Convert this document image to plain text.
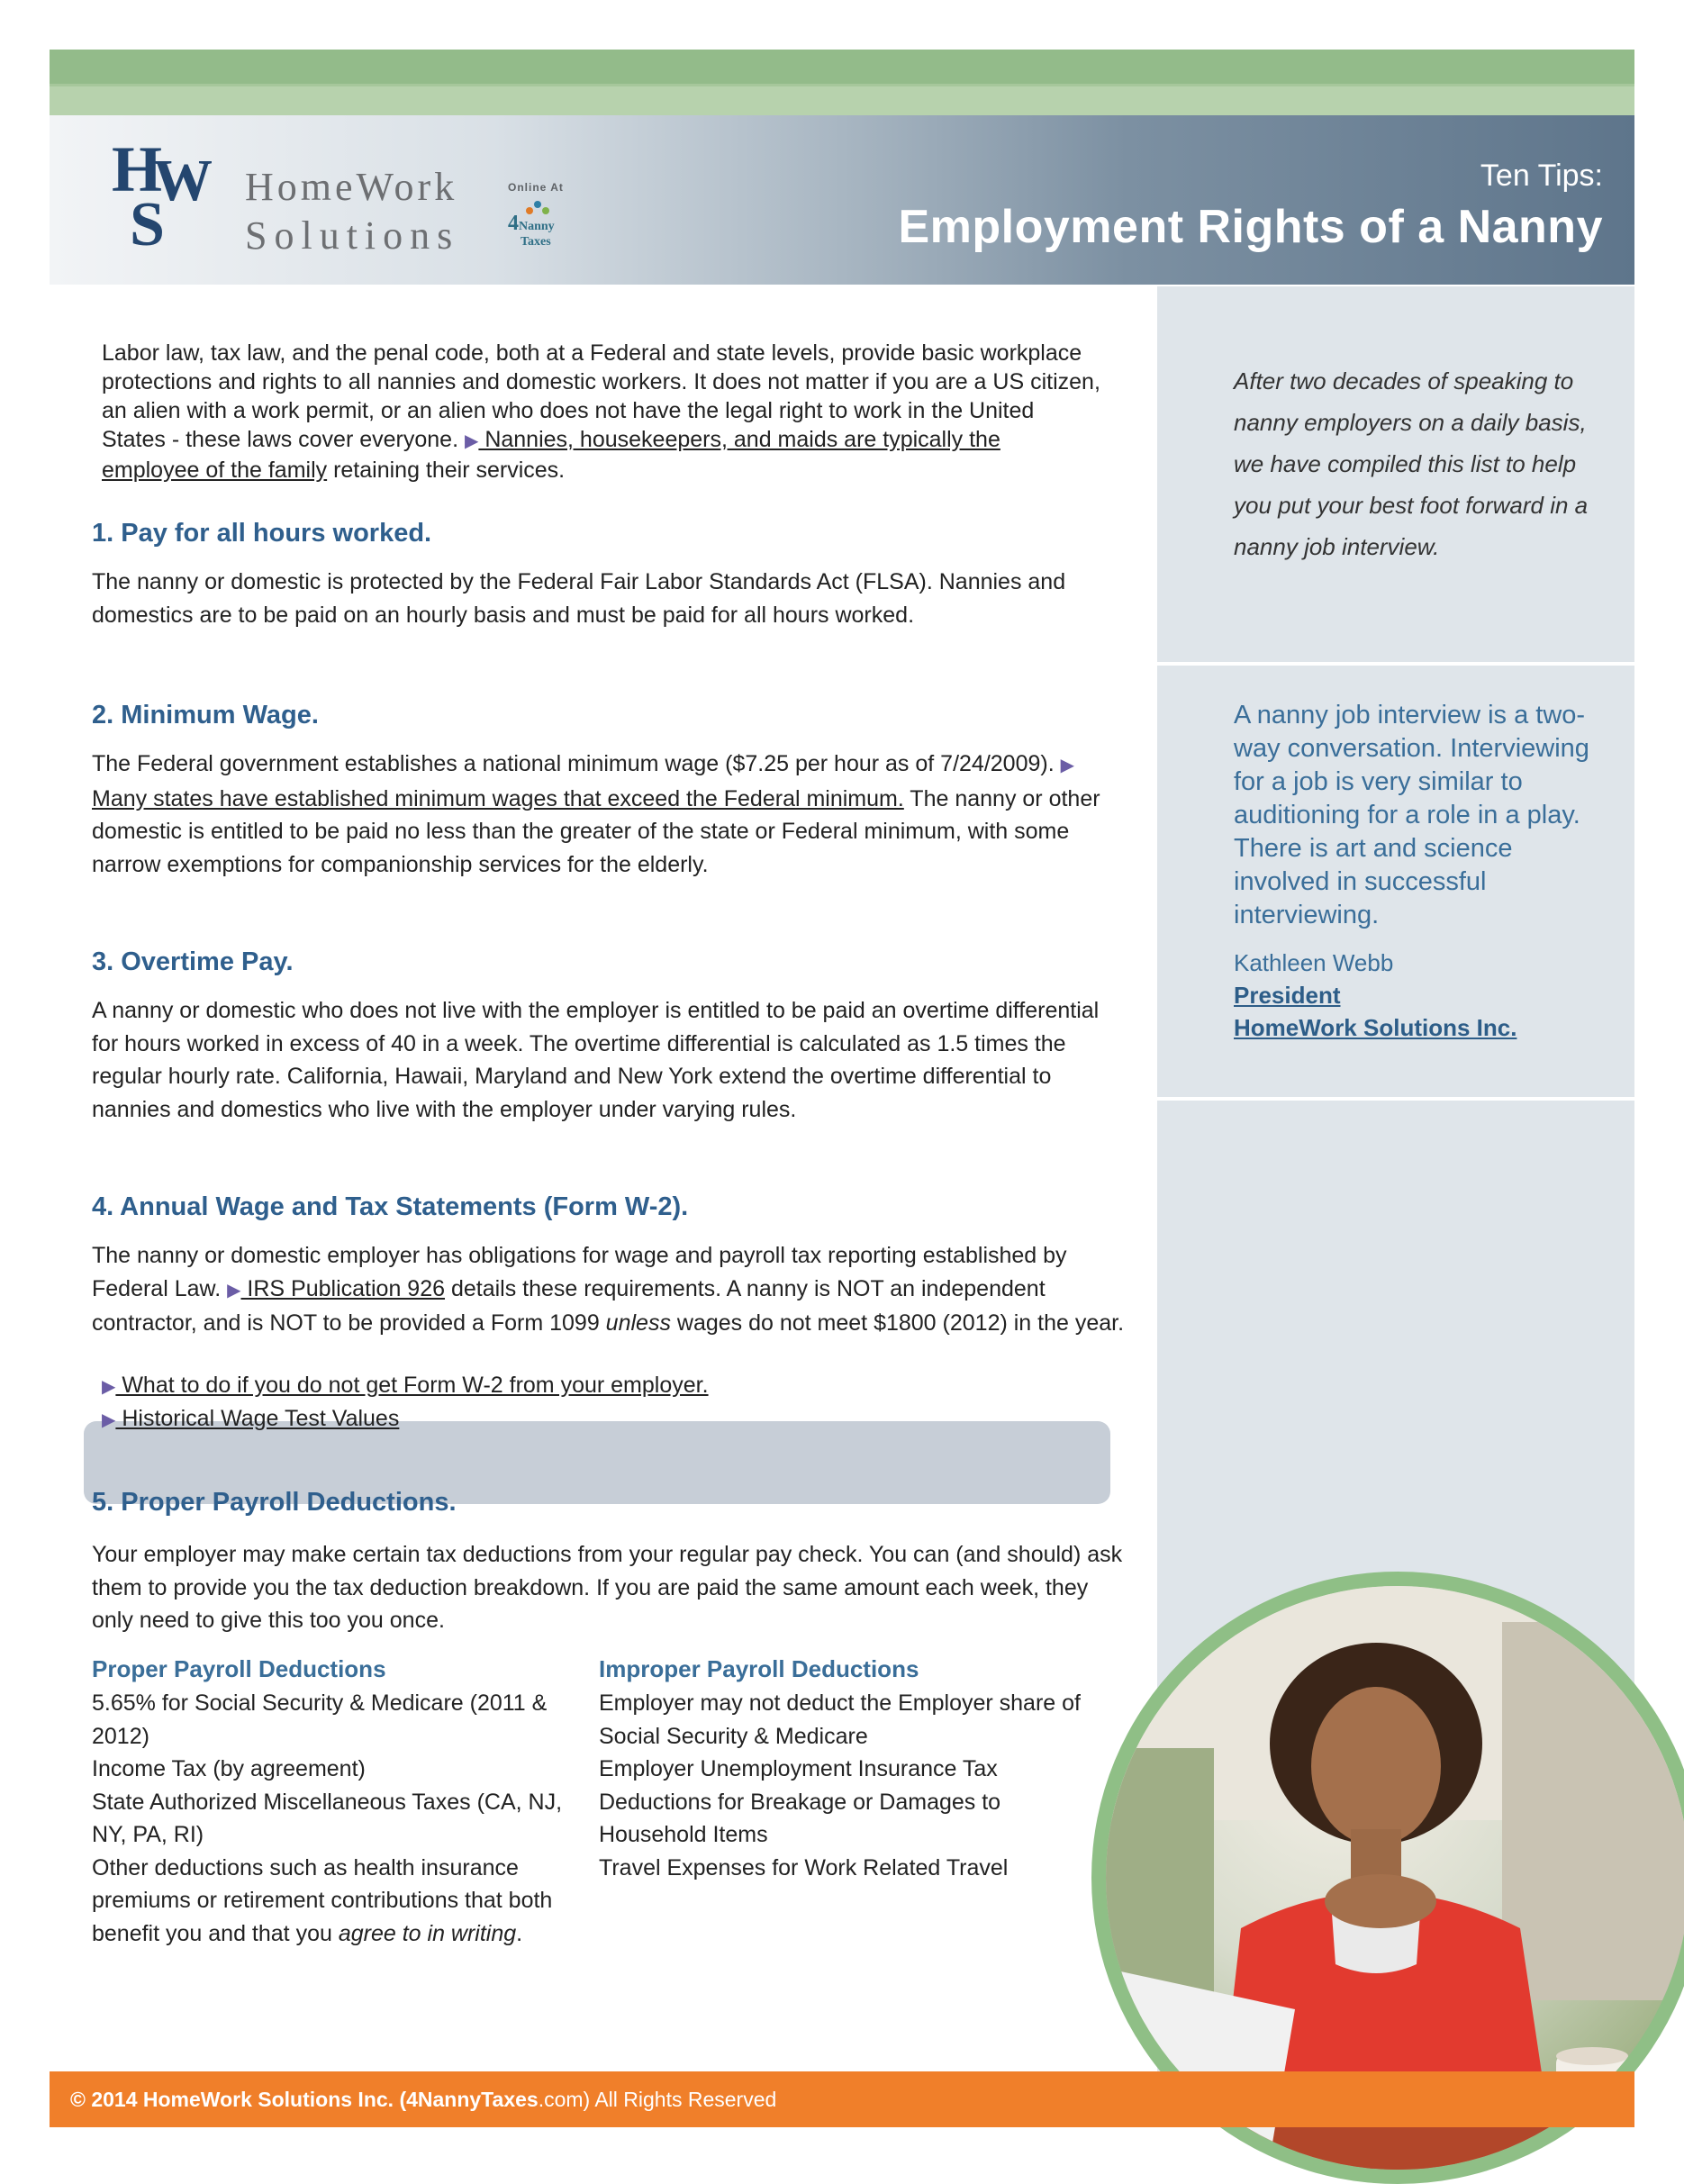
H
W
S
HomeWork
Solutions
Online At
4Nanny
Taxes
Ten Tips:
Employment Rights of a Nanny
After two decades of speaking to nanny employers on a daily basis, we have compiled this list to help you put your best foot forward in a nanny job interview.
A nanny job interview is a two-way conversation. Interviewing for a job is very similar to auditioning for a role in a play. There is art and science involved in successful interviewing.
Kathleen Webb
President
HomeWork Solutions Inc.
Labor law, tax law, and the penal code, both at a Federal and state levels, provide basic workplace protections and rights to all nannies and domestic workers. It does not matter if you are a US citizen, an alien with a work permit, or an alien who does not have the legal right to work in the United States - these laws cover everyone. ▶ Nannies, housekeepers, and maids are typically the employee of the family retaining their services.
1. Pay for all hours worked.
The nanny or domestic is protected by the Federal Fair Labor Standards Act (FLSA). Nannies and domestics are to be paid on an hourly basis and must be paid for all hours worked.
2. Minimum Wage.
The Federal government establishes a national minimum wage ($7.25 per hour as of 7/24/2009). ▶ Many states have established minimum wages that exceed the Federal minimum. The nanny or other domestic is entitled to be paid no less than the greater of the state or Federal minimum, with some narrow exemptions for companionship services for the elderly.
3. Overtime Pay.
A nanny or domestic who does not live with the employer is entitled to be paid an overtime differential for hours worked in excess of 40 in a week. The overtime differential is calculated as 1.5 times the regular hourly rate. California, Hawaii, Maryland and New York extend the overtime differential to nannies and domestics who live with the employer under varying rules.
4. Annual Wage and Tax Statements (Form W-2).
The nanny or domestic employer has obligations for wage and payroll tax reporting established by Federal Law. ▶ IRS Publication 926 details these requirements. A nanny is NOT an independent contractor, and is NOT to be provided a Form 1099 unless wages do not meet $1800 (2012) in the year.
▶ What to do if you do not get Form W-2 from your employer.
▶ Historical Wage Test Values
5. Proper Payroll Deductions.
Your employer may make certain tax deductions from your regular pay check. You can (and should) ask them to provide you the tax deduction breakdown. If you are paid the same amount each week, they only need to give this too you once.
Proper Payroll Deductions
5.65% for Social Security & Medicare (2011 & 2012)
Income Tax (by agreement)
State Authorized Miscellaneous Taxes (CA, NJ, NY, PA, RI)
Other deductions such as health insurance premiums or retirement contributions that both benefit you and that you agree to in writing.
Improper Payroll Deductions
Employer may not deduct the Employer share of Social Security & Medicare
Employer Unemployment Insurance Tax
Deductions for Breakage or Damages to Household Items
Travel Expenses for Work Related Travel
© 2014 HomeWork Solutions Inc. (4NannyTaxes.com) All Rights Reserved
